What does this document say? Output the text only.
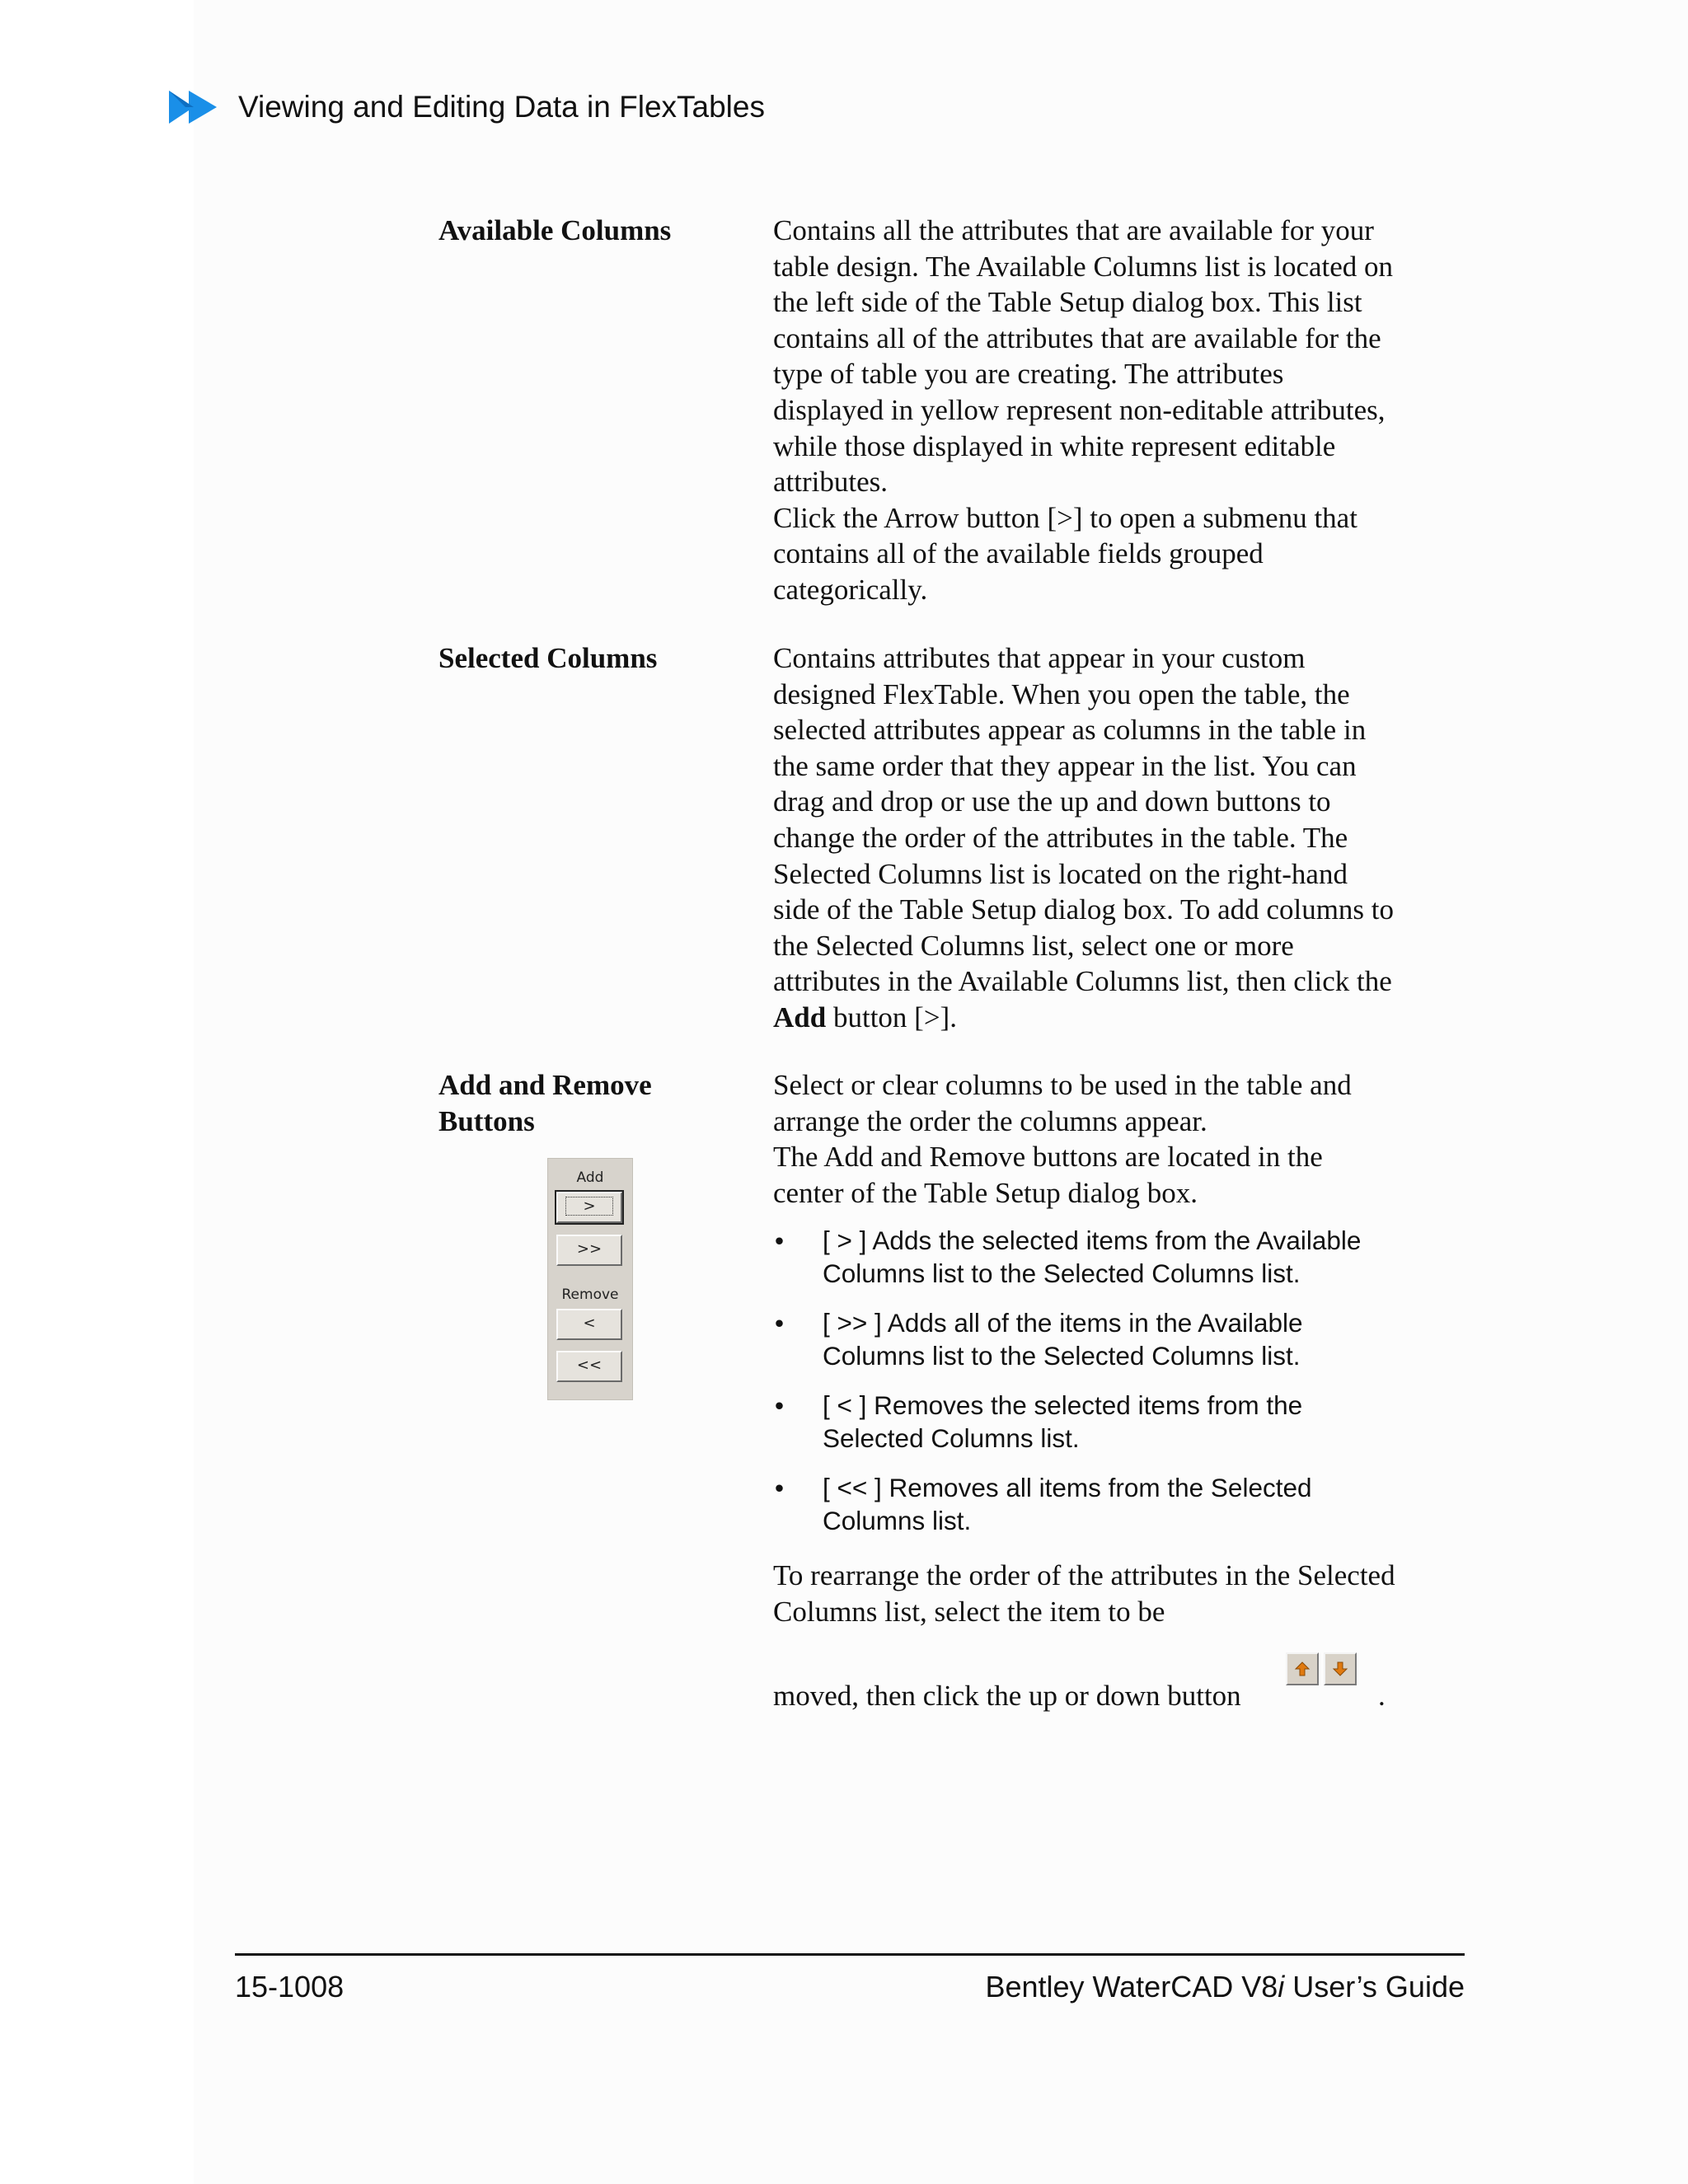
Viewing and Editing Data in FlexTables
Available Columns	Contains all the attributes that are available for your table design. The Available Columns list is located on the left side of the Table Setup dialog box. This list contains all of the attributes that are available for the type of table you are creating. The attributes displayed in yellow represent non-editable attributes, while those displayed in white represent editable attributes.

Click the Arrow button [>] to open a submenu that contains all of the available fields grouped categorically.

Selected Columns	Contains attributes that appear in your custom designed FlexTable. When you open the table, the selected attributes appear as columns in the table in the same order that they appear in the list. You can drag and drop or use the up and down buttons to change the order of the attributes in the table. The Selected Columns list is located on the right-hand side of the Table Setup dialog box. To add columns to the Selected Columns list, select one or more attributes in the Available Columns list, then click the Add button [>].

Add and Remove Buttons

Select or clear columns to be used in the table and arrange the order the columns appear.

The Add and Remove buttons are located in the center of the Table Setup dialog box.

Add
>
>>
Remove
<
<<
• [ > ] Adds the selected items from the Available Columns list to the Selected Columns list.
• [ >> ] Adds all of the items in the Available Columns list to the Selected Columns list.
• [ < ] Removes the selected items from the Selected Columns list.
• [ << ] Removes all items from the Selected Columns list.
To rearrange the order of the attributes in the Selected Columns list, select the item to be
moved, then click the up or down button	.
15-1008	Bentley WaterCAD V8i User’s Guide
